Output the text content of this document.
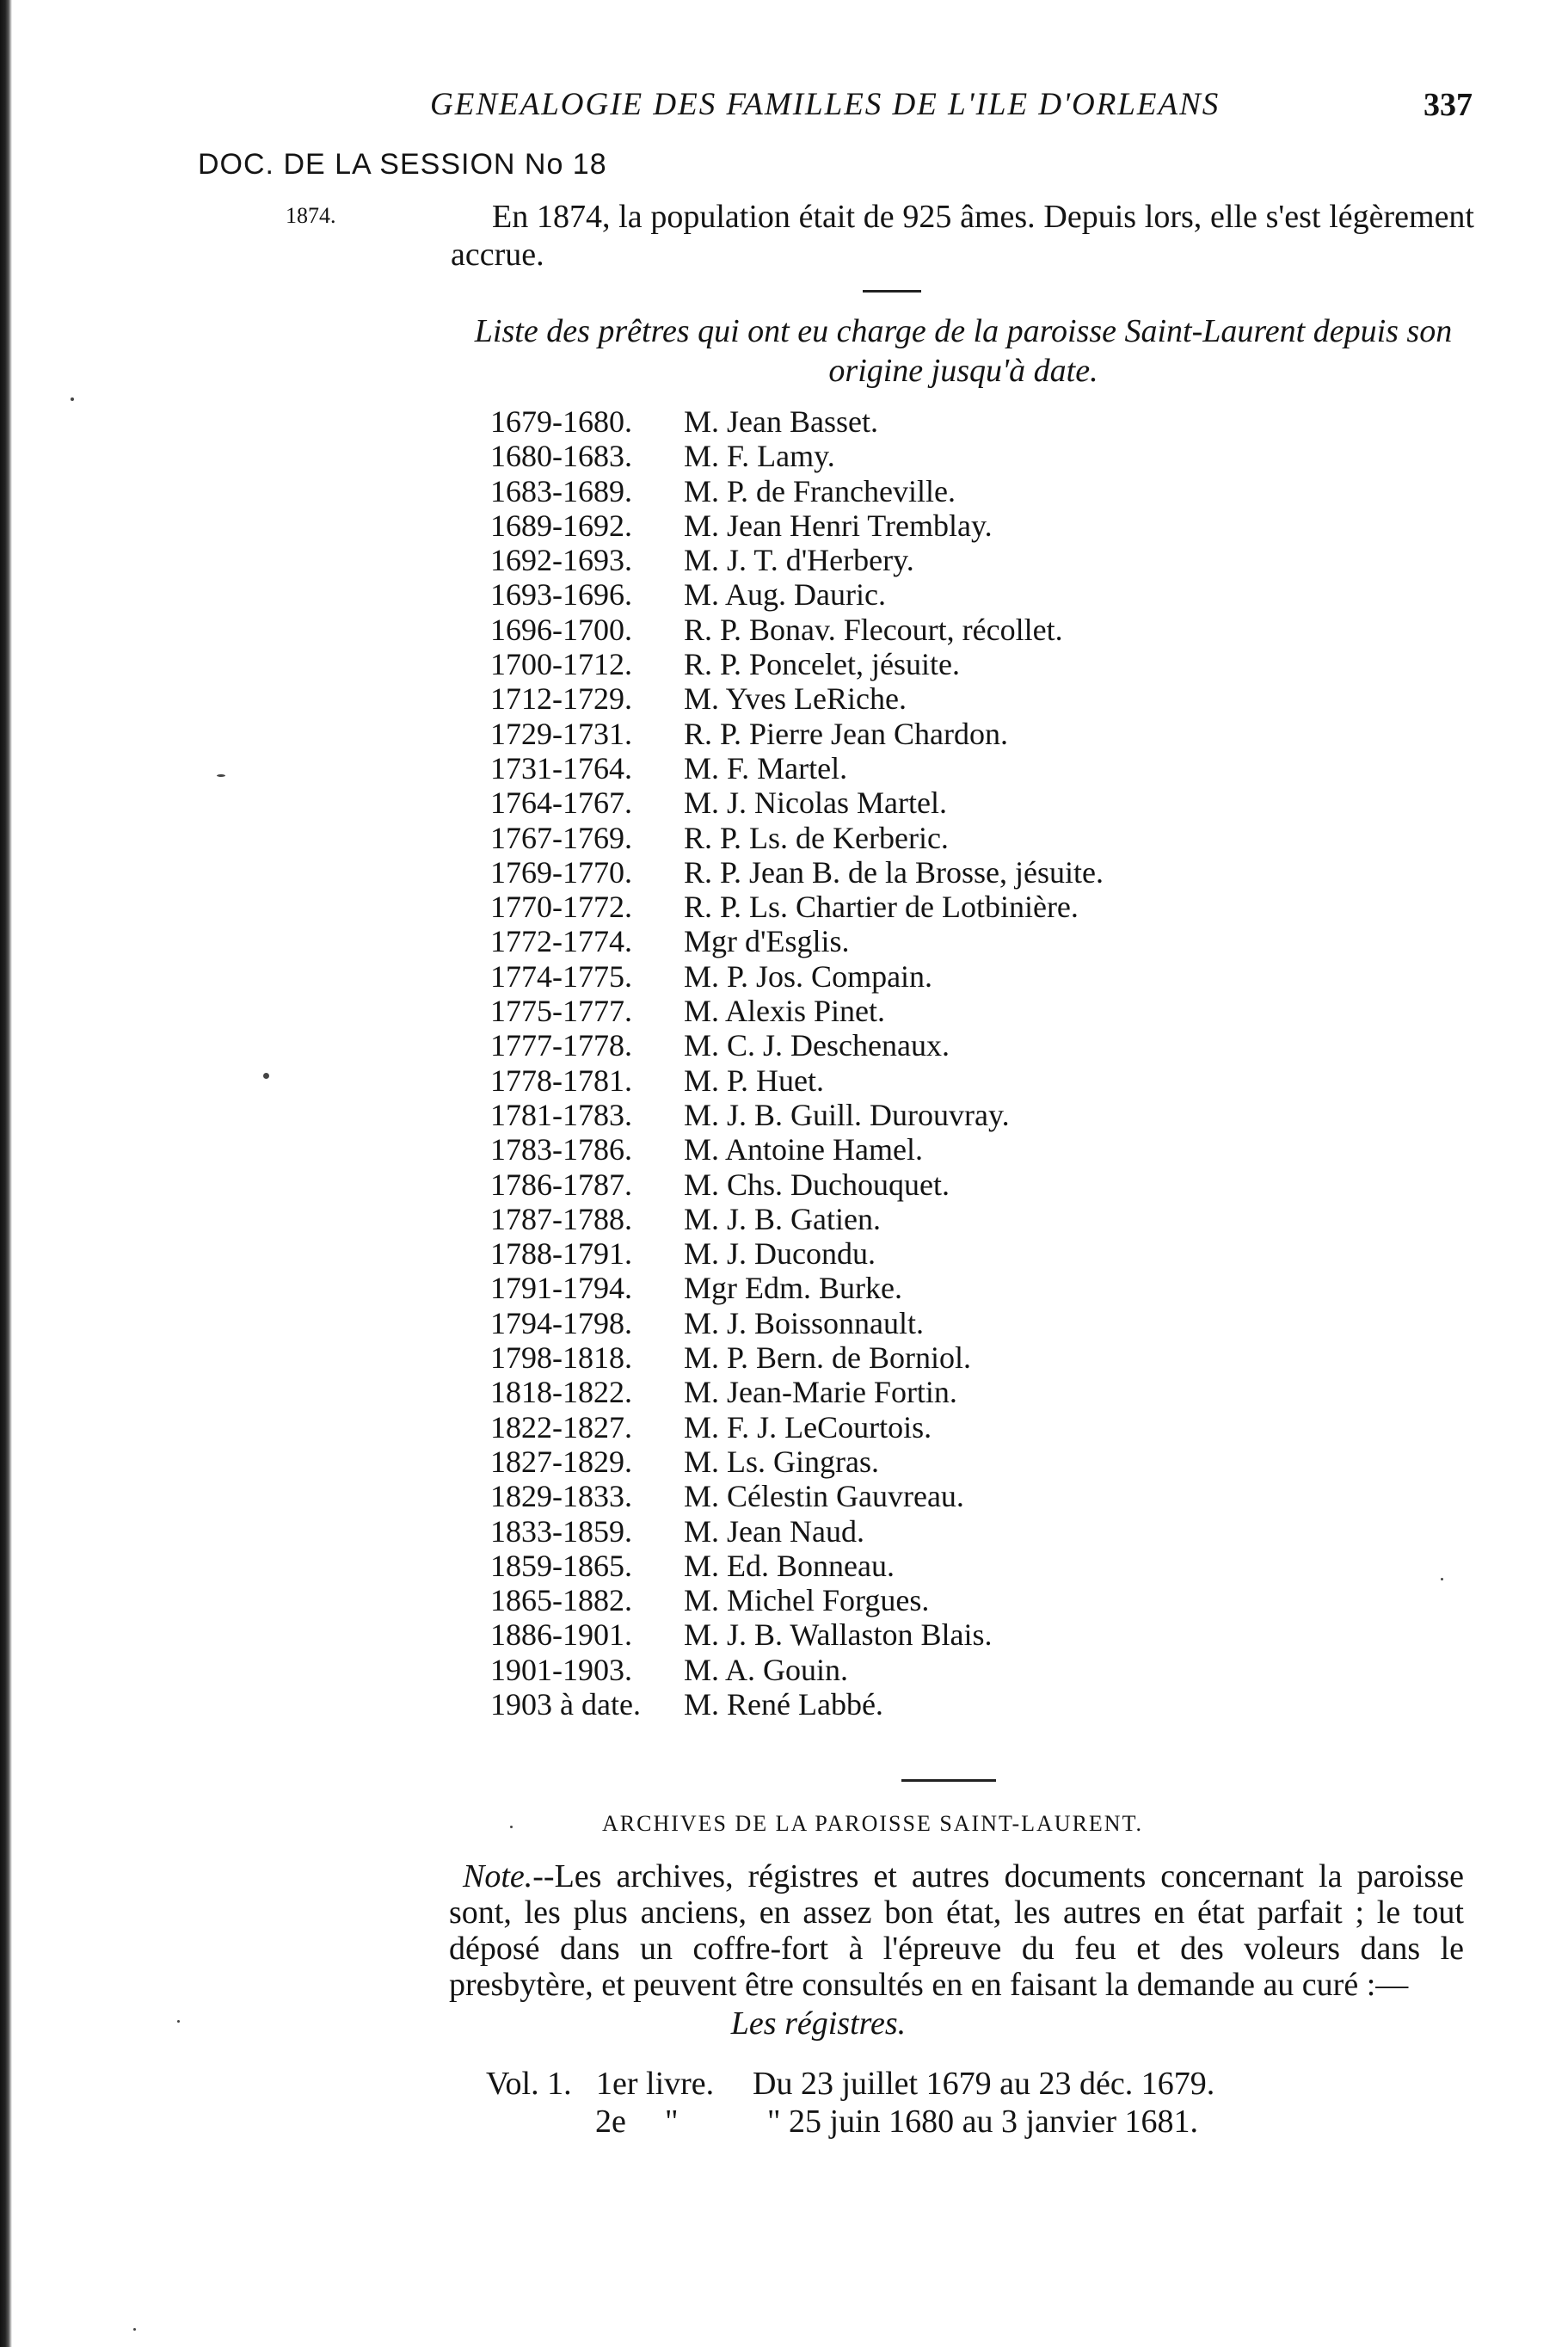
GENEALOGIE DES FAMILLES DE L'ILE D'ORLEANS	337
DOC. DE LA SESSION No 18
1874.	En 1874, la population était de 925 âmes. Depuis lors, elle s'est légèrement accrue.
Liste des prêtres qui ont eu charge de la paroisse Saint-Laurent depuis son origine jusqu'à date.
1679-1680. M. Jean Basset.
1680-1683. M. F. Lamy.
1683-1689. M. P. de Francheville.
1689-1692. M. Jean Henri Tremblay.
1692-1693. M. J. T. d'Herbery.
1693-1696. M. Aug. Dauric.
1696-1700. R. P. Bonav. Flecourt, récollet.
1700-1712. R. P. Poncelet, jésuite.
1712-1729. M. Yves LeRiche.
1729-1731. R. P. Pierre Jean Chardon.
1731-1764. M. F. Martel.
1764-1767. M. J. Nicolas Martel.
1767-1769. R. P. Ls. de Kerberic.
1769-1770. R. P. Jean B. de la Brosse, jésuite.
1770-1772. R. P. Ls. Chartier de Lotbinière.
1772-1774. Mgr d'Esglis.
1774-1775. M. P. Jos. Compain.
1775-1777. M. Alexis Pinet.
1777-1778. M. C. J. Deschenaux.
1778-1781. M. P. Huet.
1781-1783. M. J. B. Guill. Durouvray.
1783-1786. M. Antoine Hamel.
1786-1787. M. Chs. Duchouquet.
1787-1788. M. J. B. Gatien.
1788-1791. M. J. Ducondu.
1791-1794. Mgr Edm. Burke.
1794-1798. M. J. Boissonnault.
1798-1818. M. P. Bern. de Borniol.
1818-1822. M. Jean-Marie Fortin.
1822-1827. M. F. J. LeCourtois.
1827-1829. M. Ls. Gingras.
1829-1833. M. Célestin Gauvreau.
1833-1859. M. Jean Naud.
1859-1865. M. Ed. Bonneau.
1865-1882. M. Michel Forgues.
1886-1901. M. J. B. Wallaston Blais.
1901-1903. M. A. Gouin.
1903 à date. M. René Labbé.
ARCHIVES DE LA PAROISSE SAINT-LAURENT.
Note.--Les archives, régistres et autres documents concernant la paroisse sont, les plus anciens, en assez bon état, les autres en état parfait ; le tout déposé dans un coffre-fort à l'épreuve du feu et des voleurs dans le presbytère, et peuvent être consultés en en faisant la demande au curé :—
Les régistres.
Vol. 1. 1er livre. Du 23 juillet 1679 au 23 déc. 1679.
2e "	" 25 juin 1680 au 3 janvier 1681.
